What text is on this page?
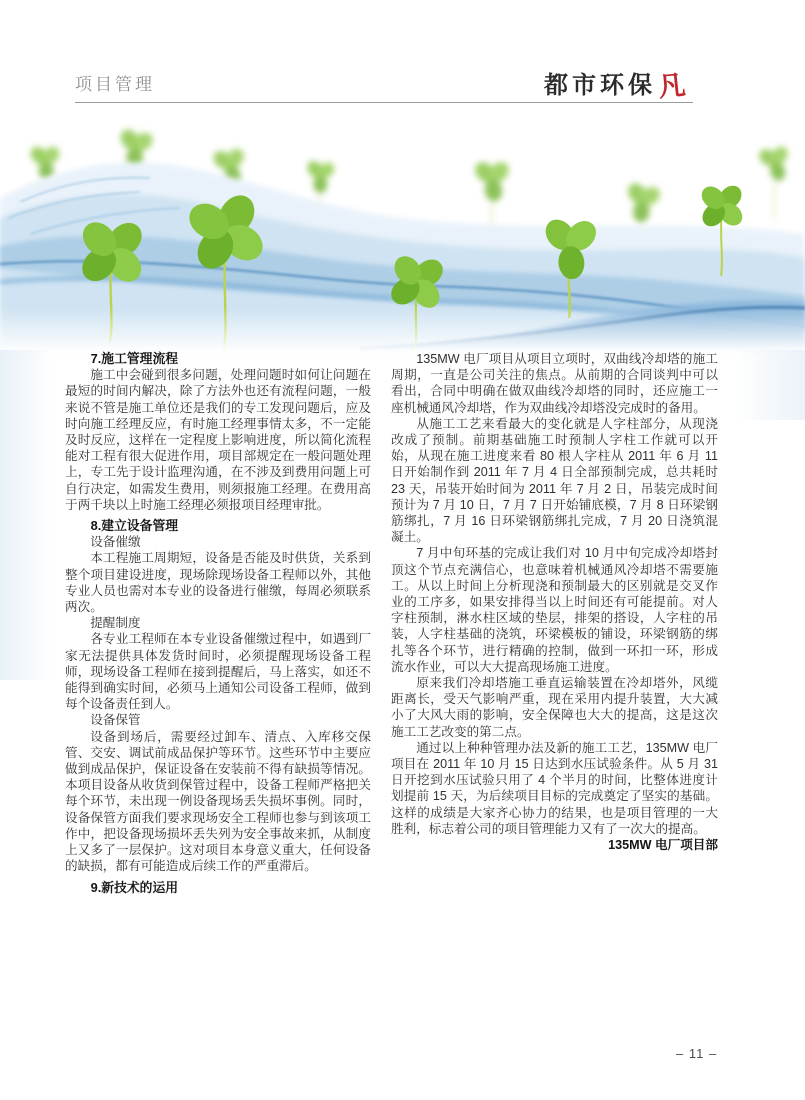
项目管理	都市环保凡

7.施工管理流程

施工中会碰到很多问题，处理问题时如何让问题在最短的时间内解决，除了方法外也还有流程问题，一般来说不管是施工单位还是我们的专工发现问题后，应及时向施工经理反应，有时施工经理事情太多，不一定能及时反应，这样在一定程度上影响进度，所以简化流程能对工程有很大促进作用，项目部规定在一般问题处理上，专工先于设计监理沟通，在不涉及到费用问题上可自行决定，如需发生费用，则须报施工经理。在费用高于两千块以上时施工经理必须报项目经理审批。

8.建立设备管理

设备催缴

本工程施工周期短，设备是否能及时供货，关系到整个项目建设进度，现场除现场设备工程师以外，其他专业人员也需对本专业的设备进行催缴，每周必须联系两次。

提醒制度

各专业工程师在本专业设备催缴过程中，如遇到厂家无法提供具体发货时间时，必须提醒现场设备工程师，现场设备工程师在接到提醒后，马上落实，如还不能得到确实时间，必须马上通知公司设备工程师，做到每个设备责任到人。

设备保管

设备到场后，需要经过卸车、清点、入库移交保管、交安、调试前成品保护等环节。这些环节中主要应做到成品保护，保证设备在安装前不得有缺损等情况。本项目设备从收货到保管过程中，设备工程师严格把关每个环节，未出现一例设备现场丢失损坏事例。同时，设备保管方面我们要求现场安全工程师也参与到该项工作中，把设备现场损坏丢失列为安全事故来抓，从制度上又多了一层保护。这对项目本身意义重大，任何设备的缺损，都有可能造成后续工作的严重滞后。

9.新技术的运用

135MW 电厂项目从项目立项时，双曲线冷却塔的施工周期，一直是公司关注的焦点。从前期的合同谈判中可以看出，合同中明确在做双曲线冷却塔的同时，还应施工一座机械通风冷却塔，作为双曲线冷却塔没完成时的备用。

从施工工艺来看最大的变化就是人字柱部分，从现浇改成了预制。前期基础施工时预制人字柱工作就可以开始，从现在施工进度来看 80 根人字柱从 2011 年 6 月 11 日开始制作到 2011 年 7 月 4 日全部预制完成，总共耗时 23 天，吊装开始时间为 2011 年 7 月 2 日，吊装完成时间预计为 7 月 10 日，7 月 7 日开始铺底模，7 月 8 日环梁钢筋绑扎，7 月 16 日环梁钢筋绑扎完成，7 月 20 日浇筑混凝土。

7 月中旬环基的完成让我们对 10 月中旬完成冷却塔封顶这个节点充满信心，也意味着机械通风冷却塔不需要施工。从以上时间上分析现浇和预制最大的区别就是交叉作业的工序多，如果安排得当以上时间还有可能提前。对人字柱预制，淋水柱区域的垫层，排架的搭设，人字柱的吊装，人字柱基础的浇筑，环梁模板的铺设，环梁钢筋的绑扎等各个环节，进行精确的控制，做到一环扣一环，形成流水作业，可以大大提高现场施工进度。

原来我们冷却塔施工垂直运输装置在冷却塔外，风缆距离长，受天气影响严重，现在采用内提升装置，大大减小了大风大雨的影响，安全保障也大大的提高，这是这次施工工艺改变的第二点。

通过以上种种管理办法及新的施工工艺，135MW 电厂项目在 2011 年 10 月 15 日达到水压试验条件。从 5 月 31 日开挖到水压试验只用了 4 个半月的时间，比整体进度计划提前 15 天，为后续项目目标的完成奠定了坚实的基础。这样的成绩是大家齐心协力的结果，也是项目管理的一大胜利，标志着公司的项目管理能力又有了一次大的提高。

135MW 电厂项目部

– 11 –
